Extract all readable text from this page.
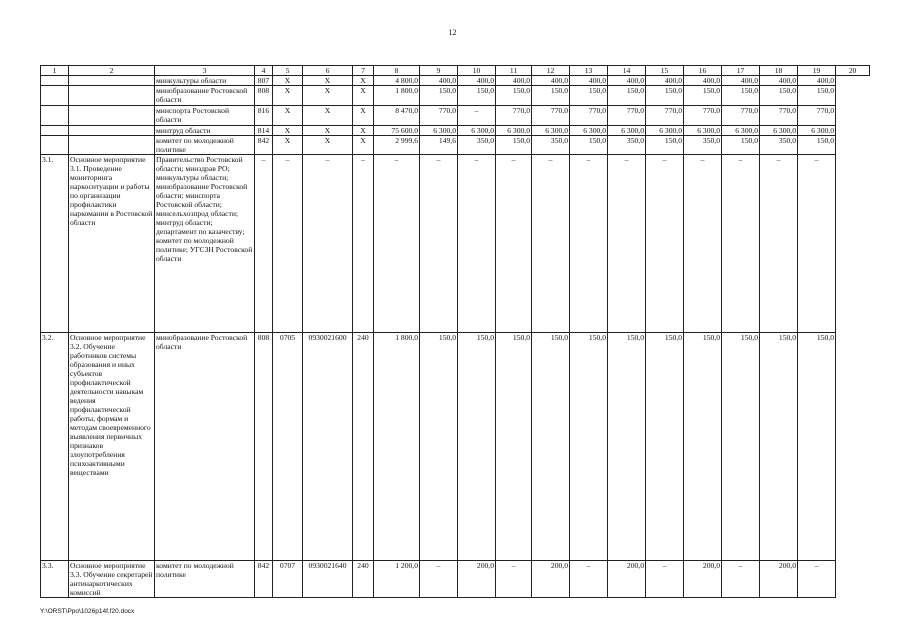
12
1	2	3	4	5	6	7	8	9	10	11	12	13	14	15	16	17	18	19	20
		минкультуры области	807	X	X	X	4 800,0	400,0	400,0	400,0	400,0	400,0	400,0	400,0	400,0	400,0	400,0	400,0	
		минобразование Ростовской области	808	X	X	X	1 800,0	150,0	150,0	150,0	150,0	150,0	150,0	150,0	150,0	150,0	150,0	150,0	
		минспорта Ростовской области	816	X	X	X	8 470,0	770,0	–	770,0	770,0	770,0	770,0	770,0	770,0	770,0	770,0	770,0	
		минтруд области	814	X	X	X	75 600,0	6 300,0	6 300,0	6 300,0	6 300,0	6 300,0	6 300,0	6 300,0	6 300,0	6 300,0	6 300,0	6 300,0	
		комитет по молодежной политике	842	X	X	X	2 999,6	149,6	350,0	150,0	350,0	150,0	350,0	150,0	350,0	150,0	350,0	150,0	
3.1.	Основное мероприятие 3.1. Проведение мониторинга наркоситуации и работы по организации профилактики наркомании в Ростовской области	Правительство Ростовской области; минздрав РО; минкультуры области; минобразование Ростовской области; минспорта Ростовской области; минсельхозпрод области; минтруд области; департамент по казачеству; комитет по молодежной политике; УГСЗН Ростовской области	–	–	–	–	–	–	–	–	–	–	–	–	–	–	–	–	
3.2.	Основное мероприятие 3.2. Обучение работников системы образования и иных субъектов профилактической деятельности навыкам ведения профилактической работы, формам и методам своевременного выявления первичных признаков злоупотребления психоактивными веществами	минобразование Ростовской области	808	0705	0930021600	240	1 800,0	150,0	150,0	150,0	150,0	150,0	150,0	150,0	150,0	150,0	150,0	150,0	
3.3.	Основное мероприятие 3.3. Обучение секретарей антинаркотических комиссий	комитет по молодежной политике	842	0707	0930021640	240	1 200,0	–	200,0	–	200,0	–	200,0	–	200,0	–	200,0	–	
Y:\ORST\Ppo\1026p14f.f20.docx
